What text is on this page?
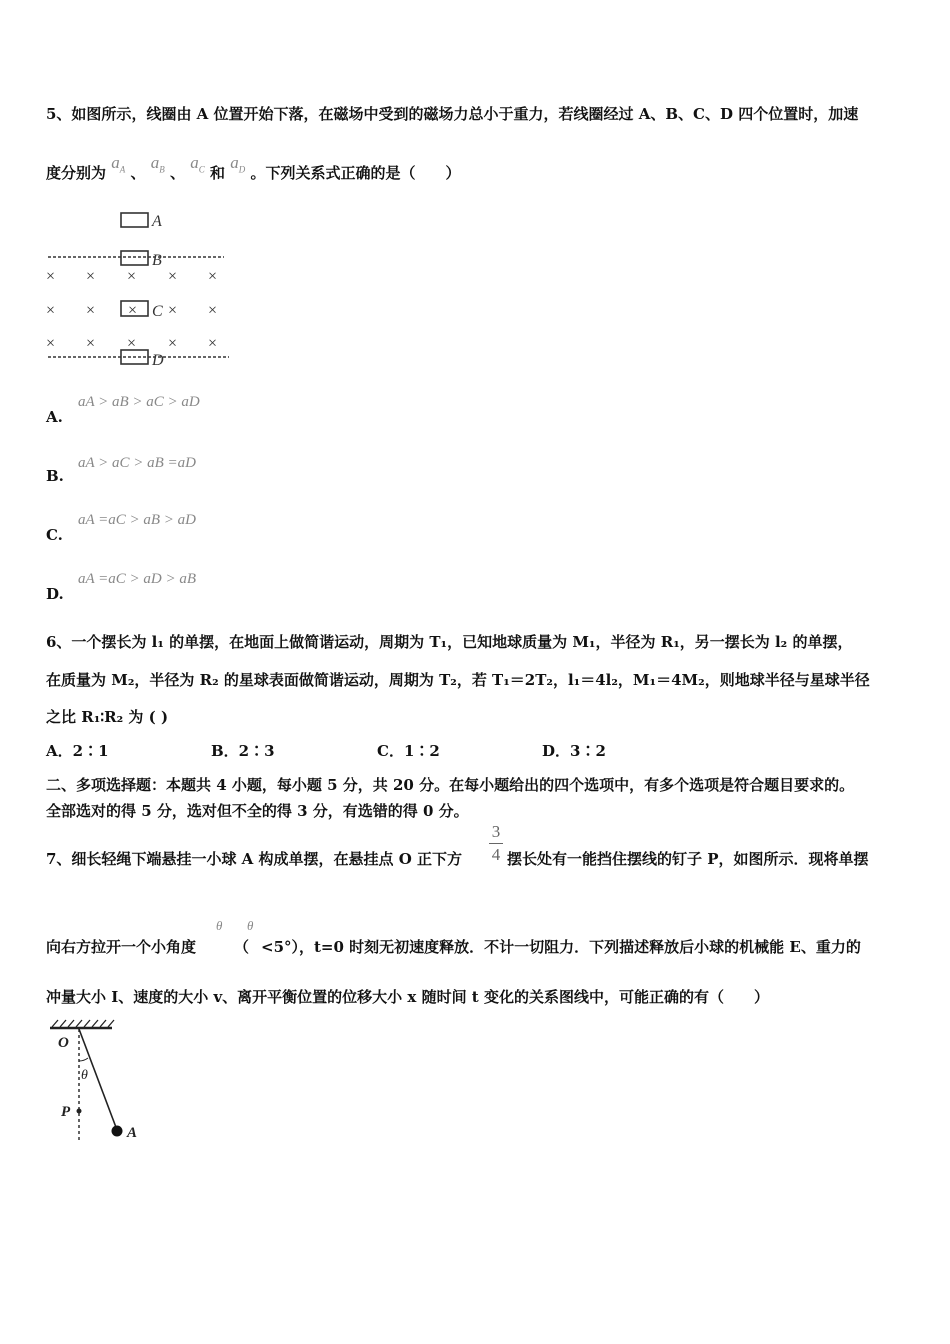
5、如图所示，线圈由 A 位置开始下落，在磁场中受到的磁场力总小于重力，若线圈经过 A、B、C、D 四个位置时，加速
度分别为 $a_A$ 、 $a_B$ 、 $a_C$ 和 $a_D$ 。下列关系式正确的是（　　）
A
B
× × × × ×
× ×	× ×
× × × × ×
× C
D
A.
aA > aB > aC > aD
B.
aA > aC > aB =aD
C.
aA =aC > aB > aD
D.
aA =aC > aD > aB
6、一个摆长为 l₁ 的单摆，在地面上做简谐运动，周期为 T₁，已知地球质量为 M₁，半径为 R₁，另一摆长为 l₂ 的单摆，
在质量为 M₂，半径为 R₂ 的星球表面做简谐运动，周期为 T₂，若 T₁＝2T₂，l₁＝4l₂，M₁＝4M₂，则地球半径与星球半径
之比 R₁∶R₂ 为 ( )
A．2∶1	B．2∶3	C．1∶2	D．3∶2
二、多项选择题：本题共 4 小题，每小题 5 分，共 20 分。在每小题给出的四个选项中，有多个选项是符合题目要求的。
全部选对的得 5 分，选对但不全的得 3 分，有选错的得 0 分。
7、细长轻绳下端悬挂一小球 A 构成单摆，在悬挂点 O 正下方
3
4 摆长处有一能挡住摆线的钉子 P，如图所示．现将单摆
向右方拉开一个小角度
θ
（
θ
<5°），t=0 时刻无初速度释放．不计一切阻力．下列描述释放后小球的机械能 E、重力的
冲量大小 I、速度的大小 v、离开平衡位置的位移大小 x 随时间 t 变化的关系图线中，可能正确的有（　　）
O
θ
P
A
